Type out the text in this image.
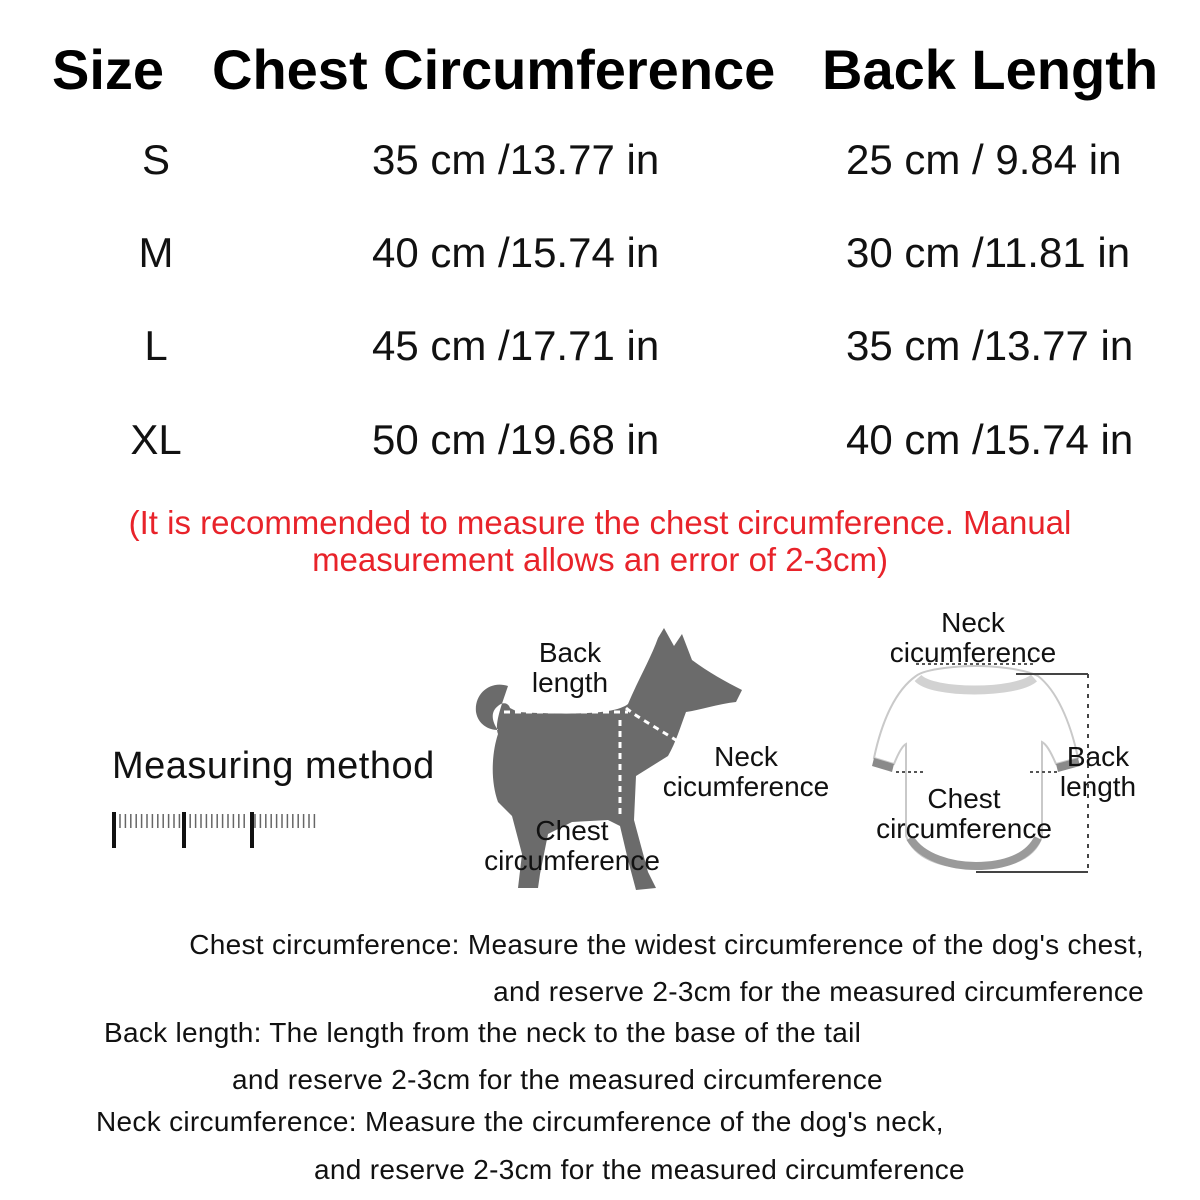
Size Chest Circumference Back Length
S	35 cm /13.77 in	25 cm / 9.84 in
M	40 cm /15.74 in	30 cm /11.81 in
L	45 cm /17.71 in	35 cm /13.77 in
XL	50 cm /19.68 in	40 cm /15.74 in
(It is recommended to measure the chest circumference. Manual
measurement allows an error of 2-3cm)
Measuring method
Back
length
Neck
cicumference
Chest
circumference
Neck
cicumference
Back
length
Chest
circumference
Chest circumference: Measure the widest circumference of the dog's chest,
and reserve 2-3cm for the measured circumference
Back length: The length from the neck to the base of the tail
and reserve 2-3cm for the measured circumference
Neck circumference: Measure the circumference of the dog's neck,
and reserve 2-3cm for the measured circumference
